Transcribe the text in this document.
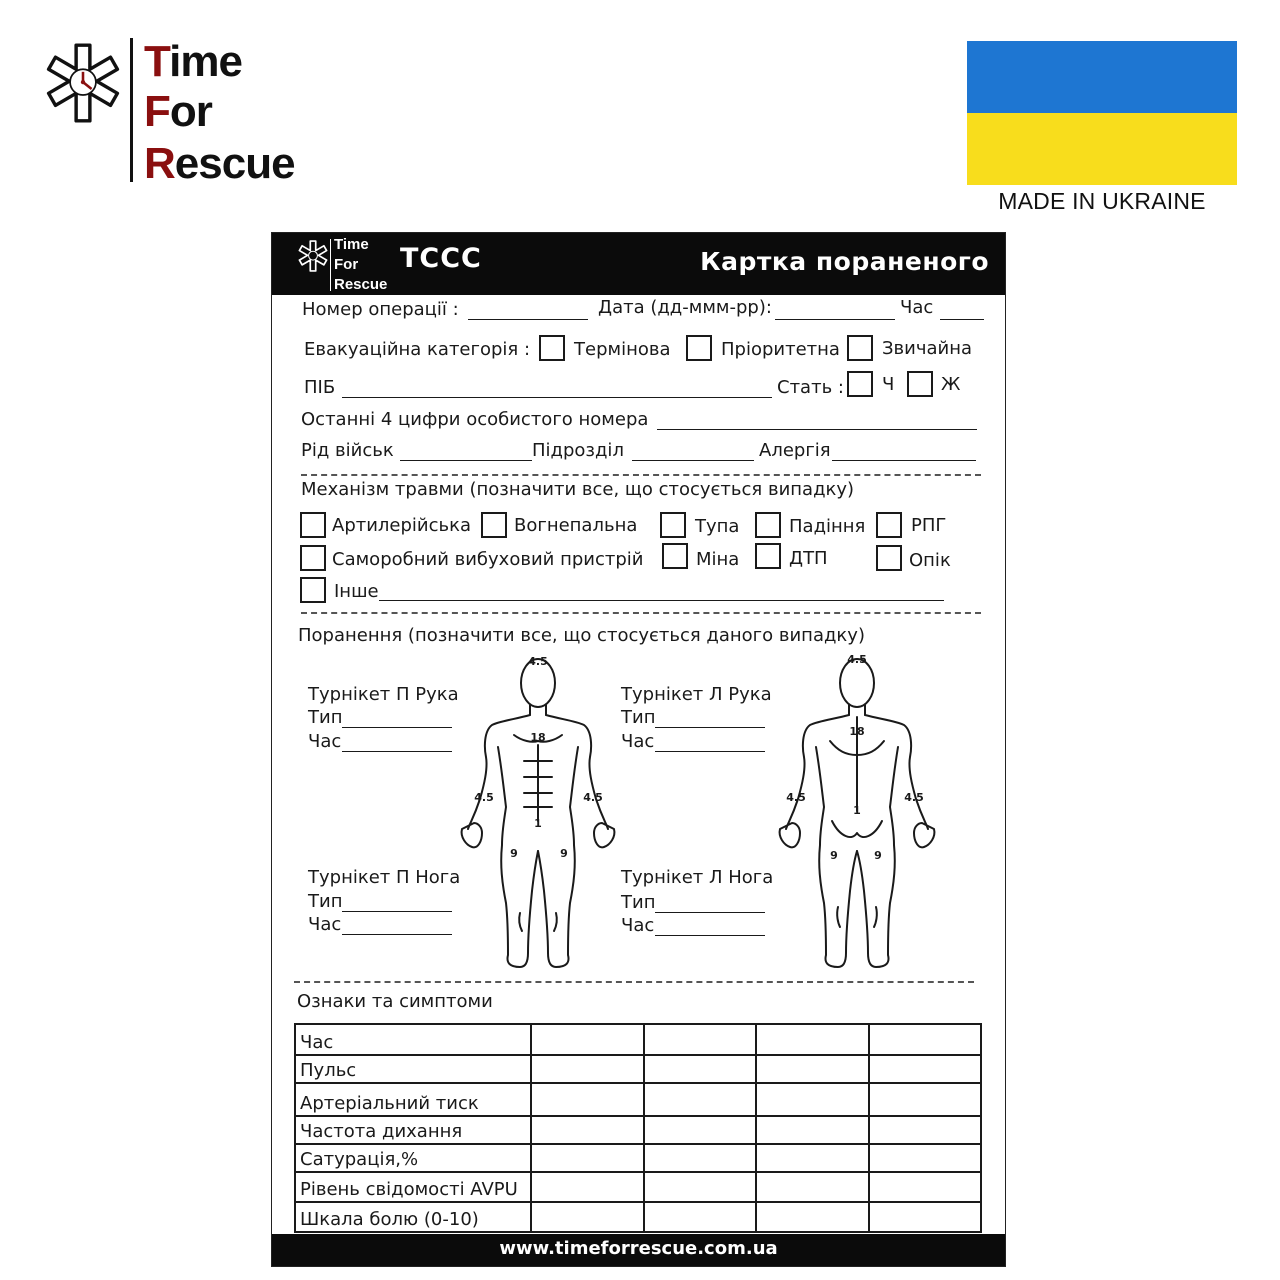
Time
For
Rescue
MADE IN UKRAINE
Time
For
Rescue
TCCC	Картка пораненого
Номер операції :	Дата (дд-ммм-рр):	Час
Евакуаційна категорія : Термінова	Пріоритетна Звичайна
ПІБ	Стать : Ч	Ж
Останні 4 цифри особистого номера
Рід військ	Підрозділ	Алергія
Механізм травми (позначити все, що стосується випадку)
Артилерійська Вогнепальна	Тупа	Падіння	РПГ
Саморобний вибуховий пристрій	Міна	ДТП	Опік
Інше
Поранення (позначити все, що стосується даного випадку)
Турнікет П Рука
Тип
Час
Турнікет Л Рука
Тип
Час
Турнікет П Нога
Тип
Час
Турнікет Л Нога
Тип
Час
4.5
18
4.5	4.5
1
9	9
4.5
18
4.5	4.5
1
9	9
Ознаки та симптоми
Час				
Пульс				
Артеріальний тиск				
Частота дихання				
Сатурація,%				
Рівень свідомості AVPU				
Шкала болю (0-10)				
www.timeforrescue.com.ua
